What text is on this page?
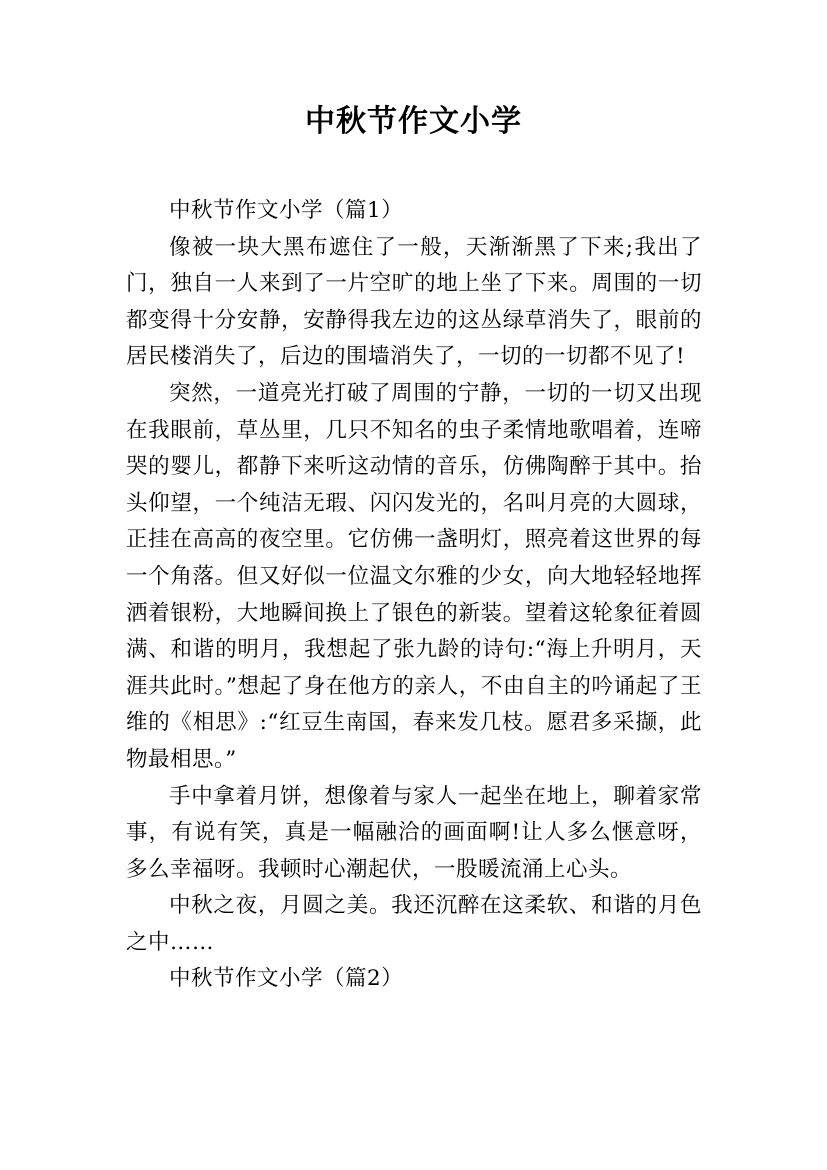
中秋节作文小学

中秋节作文小学（篇1）

像被一块大黑布遮住了一般，天渐渐黑了下来;我出了门，独自一人来到了一片空旷的地上坐了下来。周围的一切都变得十分安静，安静得我左边的这丛绿草消失了，眼前的居民楼消失了，后边的围墙消失了，一切的一切都不见了!

突然，一道亮光打破了周围的宁静，一切的一切又出现在我眼前，草丛里，几只不知名的虫子柔情地歌唱着，连啼哭的婴儿，都静下来听这动情的音乐，仿佛陶醉于其中。抬头仰望，一个纯洁无瑕、闪闪发光的，名叫月亮的大圆球，正挂在高高的夜空里。它仿佛一盏明灯，照亮着这世界的每一个角落。但又好似一位温文尔雅的少女，向大地轻轻地挥洒着银粉，大地瞬间换上了银色的新装。望着这轮象征着圆满、和谐的明月，我想起了张九龄的诗句:“海上升明月，天涯共此时。”想起了身在他方的亲人，不由自主的吟诵起了王维的《相思》:“红豆生南国，春来发几枝。愿君多采撷，此物最相思。”

手中拿着月饼，想像着与家人一起坐在地上，聊着家常事，有说有笑，真是一幅融洽的画面啊!让人多么惬意呀，多么幸福呀。我顿时心潮起伏，一股暖流涌上心头。

中秋之夜，月圆之美。我还沉醉在这柔软、和谐的月色之中……

中秋节作文小学（篇2）
